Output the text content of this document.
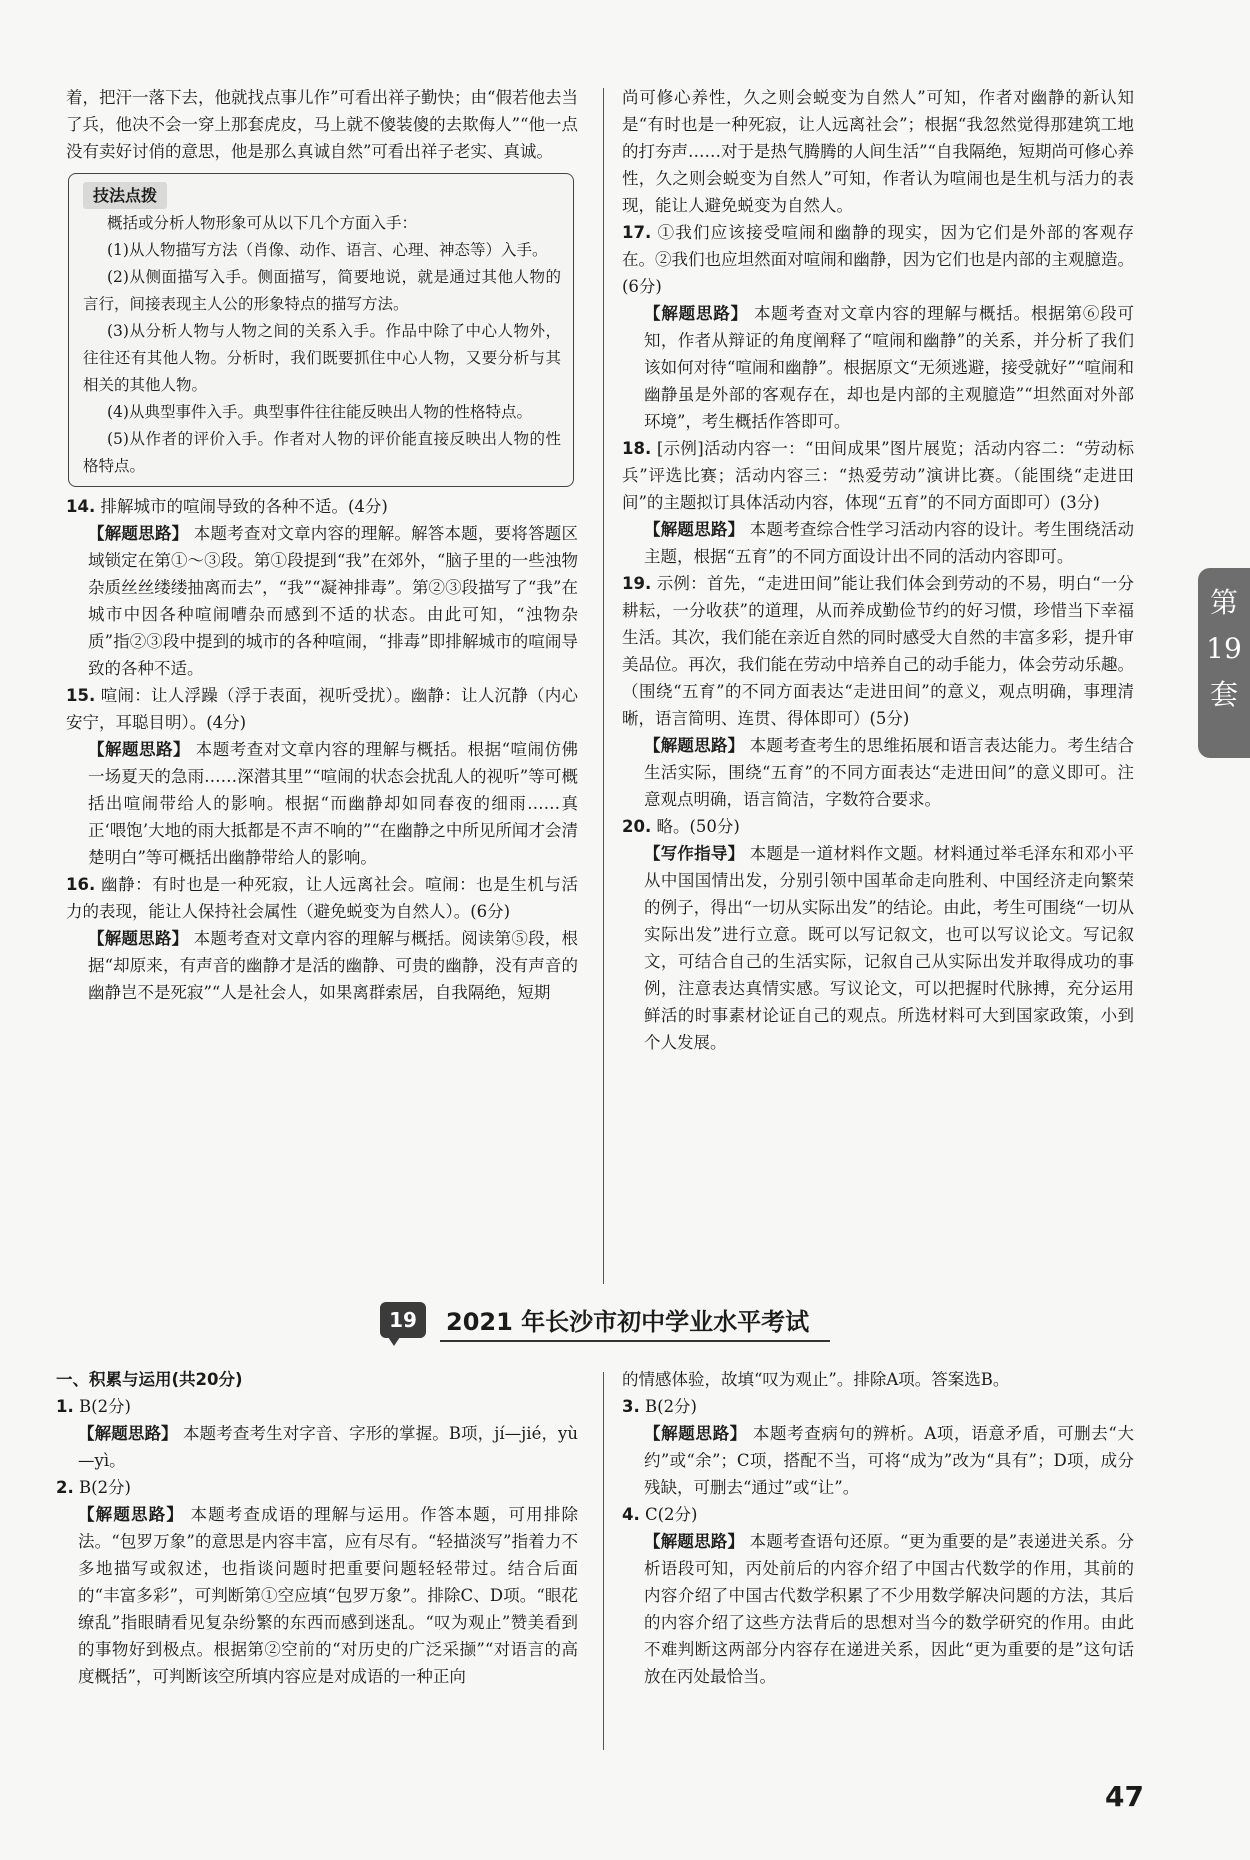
着，把汗一落下去，他就找点事儿作”可看出祥子勤快；由“假若他去当了兵，他决不会一穿上那套虎皮，马上就不傻装傻的去欺侮人”“他一点没有卖好讨俏的意思，他是那么真诚自然”可看出祥子老实、真诚。

技法点拨

概括或分析人物形象可从以下几个方面入手：

(1)从人物描写方法（肖像、动作、语言、心理、神态等）入手。

(2)从侧面描写入手。侧面描写，简要地说，就是通过其他人物的言行，间接表现主人公的形象特点的描写方法。

(3)从分析人物与人物之间的关系入手。作品中除了中心人物外，往往还有其他人物。分析时，我们既要抓住中心人物，又要分析与其相关的其他人物。

(4)从典型事件入手。典型事件往往能反映出人物的性格特点。

(5)从作者的评价入手。作者对人物的评价能直接反映出人物的性格特点。

14. 排解城市的喧闹导致的各种不适。(4分)

【解题思路】 本题考查对文章内容的理解。解答本题，要将答题区域锁定在第①～③段。第①段提到“我”在郊外，“脑子里的一些浊物杂质丝丝缕缕抽离而去”，“我”“凝神排毒”。第②③段描写了“我”在城市中因各种喧闹嘈杂而感到不适的状态。由此可知，“浊物杂质”指②③段中提到的城市的各种喧闹，“排毒”即排解城市的喧闹导致的各种不适。

15. 喧闹：让人浮躁（浮于表面，视听受扰）。幽静：让人沉静（内心安宁，耳聪目明）。(4分)

【解题思路】 本题考查对文章内容的理解与概括。根据“喧闹仿佛一场夏天的急雨……深潜其里”“喧闹的状态会扰乱人的视听”等可概括出喧闹带给人的影响。根据“而幽静却如同春夜的细雨……真正‘喂饱’大地的雨大抵都是不声不响的”“在幽静之中所见所闻才会清楚明白”等可概括出幽静带给人的影响。

16. 幽静：有时也是一种死寂，让人远离社会。喧闹：也是生机与活力的表现，能让人保持社会属性（避免蜕变为自然人）。(6分)

【解题思路】 本题考查对文章内容的理解与概括。阅读第⑤段，根据“却原来，有声音的幽静才是活的幽静、可贵的幽静，没有声音的幽静岂不是死寂”“人是社会人，如果离群索居，自我隔绝，短期

尚可修心养性，久之则会蜕变为自然人”可知，作者对幽静的新认知是“有时也是一种死寂，让人远离社会”；根据“我忽然觉得那建筑工地的打夯声……对于是热气腾腾的人间生活”“自我隔绝，短期尚可修心养性，久之则会蜕变为自然人”可知，作者认为喧闹也是生机与活力的表现，能让人避免蜕变为自然人。

17. ①我们应该接受喧闹和幽静的现实，因为它们是外部的客观存在。②我们也应坦然面对喧闹和幽静，因为它们也是内部的主观臆造。(6分)

【解题思路】 本题考查对文章内容的理解与概括。根据第⑥段可知，作者从辩证的角度阐释了“喧闹和幽静”的关系，并分析了我们该如何对待“喧闹和幽静”。根据原文“无须逃避，接受就好”“喧闹和幽静虽是外部的客观存在，却也是内部的主观臆造”“坦然面对外部环境”，考生概括作答即可。

18. [示例]活动内容一：“田间成果”图片展览；活动内容二：“劳动标兵”评选比赛；活动内容三：“热爱劳动”演讲比赛。（能围绕“走进田间”的主题拟订具体活动内容，体现“五育”的不同方面即可）(3分)

【解题思路】 本题考查综合性学习活动内容的设计。考生围绕活动主题，根据“五育”的不同方面设计出不同的活动内容即可。

19. 示例：首先，“走进田间”能让我们体会到劳动的不易，明白“一分耕耘，一分收获”的道理，从而养成勤俭节约的好习惯，珍惜当下幸福生活。其次，我们能在亲近自然的同时感受大自然的丰富多彩，提升审美品位。再次，我们能在劳动中培养自己的动手能力，体会劳动乐趣。（围绕“五育”的不同方面表达“走进田间”的意义，观点明确，事理清晰，语言简明、连贯、得体即可）(5分)

【解题思路】 本题考查考生的思维拓展和语言表达能力。考生结合生活实际，围绕“五育”的不同方面表达“走进田间”的意义即可。注意观点明确，语言简洁，字数符合要求。

20. 略。(50分)

【写作指导】 本题是一道材料作文题。材料通过举毛泽东和邓小平从中国国情出发，分别引领中国革命走向胜利、中国经济走向繁荣的例子，得出“一切从实际出发”的结论。由此，考生可围绕“一切从实际出发”进行立意。既可以写记叙文，也可以写议论文。写记叙文，可结合自己的生活实际，记叙自己从实际出发并取得成功的事例，注意表达真情实感。写议论文，可以把握时代脉搏，充分运用鲜活的时事素材论证自己的观点。所选材料可大到国家政策，小到个人发展。

第
19
套
19	2021 年长沙市初中学业水平考试

一、积累与运用(共20分)

1. B(2分)

【解题思路】 本题考查考生对字音、字形的掌握。B项，jí—jié，yù—yì。

2. B(2分)

【解题思路】 本题考查成语的理解与运用。作答本题，可用排除法。“包罗万象”的意思是内容丰富，应有尽有。“轻描淡写”指着力不多地描写或叙述，也指谈问题时把重要问题轻轻带过。结合后面的“丰富多彩”，可判断第①空应填“包罗万象”。排除C、D项。“眼花缭乱”指眼睛看见复杂纷繁的东西而感到迷乱。“叹为观止”赞美看到的事物好到极点。根据第②空前的“对历史的广泛采撷”“对语言的高度概括”，可判断该空所填内容应是对成语的一种正向

的情感体验，故填“叹为观止”。排除A项。答案选B。

3. B(2分)

【解题思路】 本题考查病句的辨析。A项，语意矛盾，可删去“大约”或“余”；C项，搭配不当，可将“成为”改为“具有”；D项，成分残缺，可删去“通过”或“让”。

4. C(2分)

【解题思路】 本题考查语句还原。“更为重要的是”表递进关系。分析语段可知，丙处前后的内容介绍了中国古代数学的作用，其前的内容介绍了中国古代数学积累了不少用数学解决问题的方法，其后的内容介绍了这些方法背后的思想对当今的数学研究的作用。由此不难判断这两部分内容存在递进关系，因此“更为重要的是”这句话放在丙处最恰当。

47
